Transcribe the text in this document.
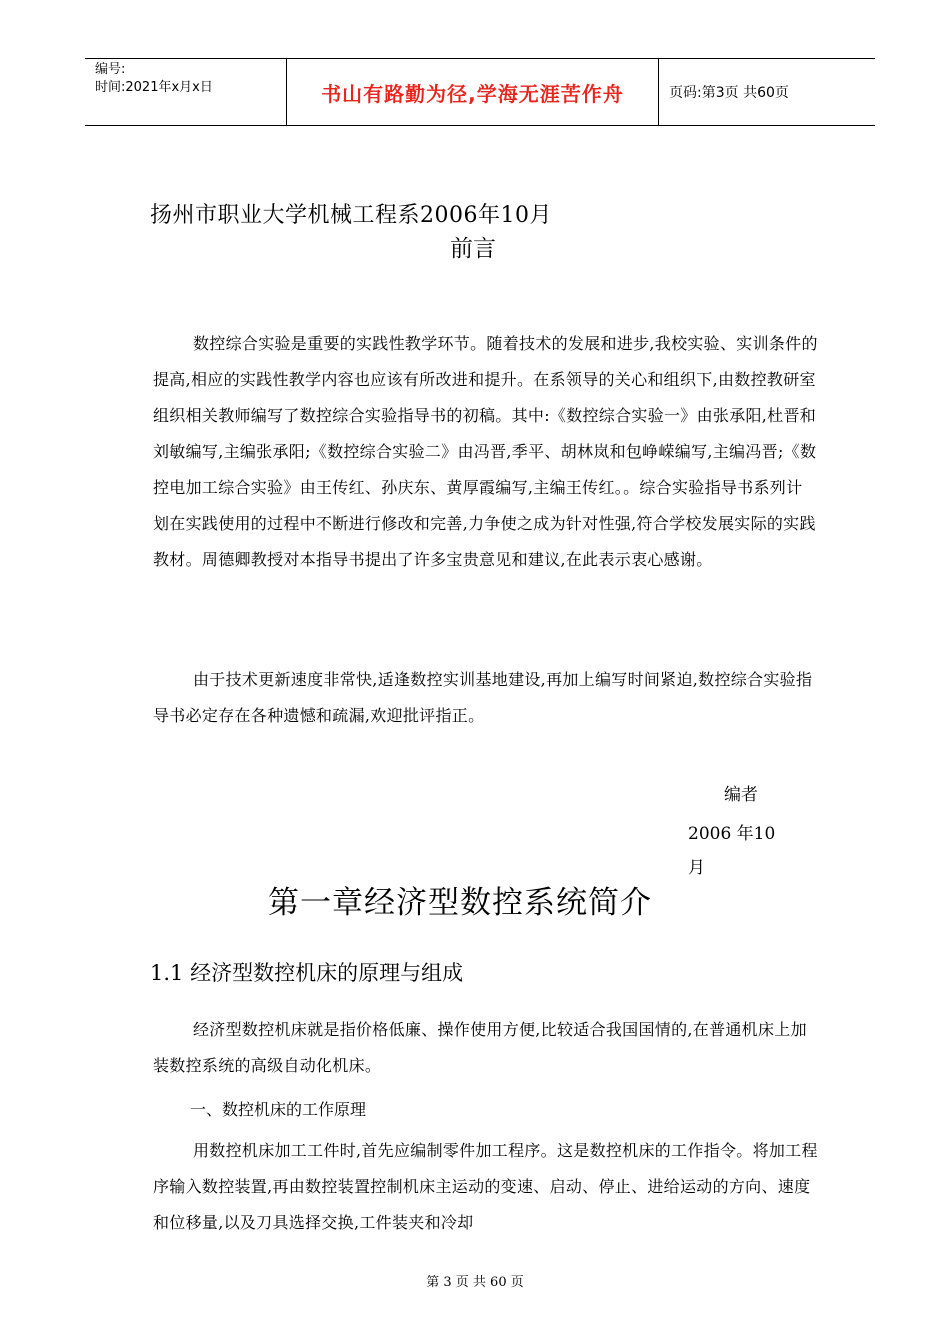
编号:
时间:2021年x月x日	书山有路勤为径,学海无涯苦作舟	页码:第3页 共60页
扬州市职业大学机械工程系2006年10月
前言
数控综合实验是重要的实践性教学环节。随着技术的发展和进步,我校实验、实训条件的提高,相应的实践性教学内容也应该有所改进和提升。在系领导的关心和组织下,由数控教研室组织相关教师编写了数控综合实验指导书的初稿。其中:《数控综合实验一》由张承阳,杜晋和刘敏编写,主编张承阳;《数控综合实验二》由冯晋,季平、胡林岚和包峥嵘编写,主编冯晋;《数控电加工综合实验》由王传红、孙庆东、黄厚霞编写,主编王传红。。综合实验指导书系列计划在实践使用的过程中不断进行修改和完善,力争使之成为针对性强,符合学校发展实际的实践教材。周德卿教授对本指导书提出了许多宝贵意见和建议,在此表示衷心感谢。
由于技术更新速度非常快,适逢数控实训基地建设,再加上编写时间紧迫,数控综合实验指导书必定存在各种遗憾和疏漏,欢迎批评指正。
编者
2006 年10月
第一章经济型数控系统简介
1.1 经济型数控机床的原理与组成
经济型数控机床就是指价格低廉、操作使用方便,比较适合我国国情的,在普通机床上加装数控系统的高级自动化机床。
一、数控机床的工作原理
用数控机床加工工件时,首先应编制零件加工程序。这是数控机床的工作指令。将加工程序输入数控装置,再由数控装置控制机床主运动的变速、启动、停止、进给运动的方向、速度和位移量,以及刀具选择交换,工件装夹和冷却
第 3 页 共 60 页
